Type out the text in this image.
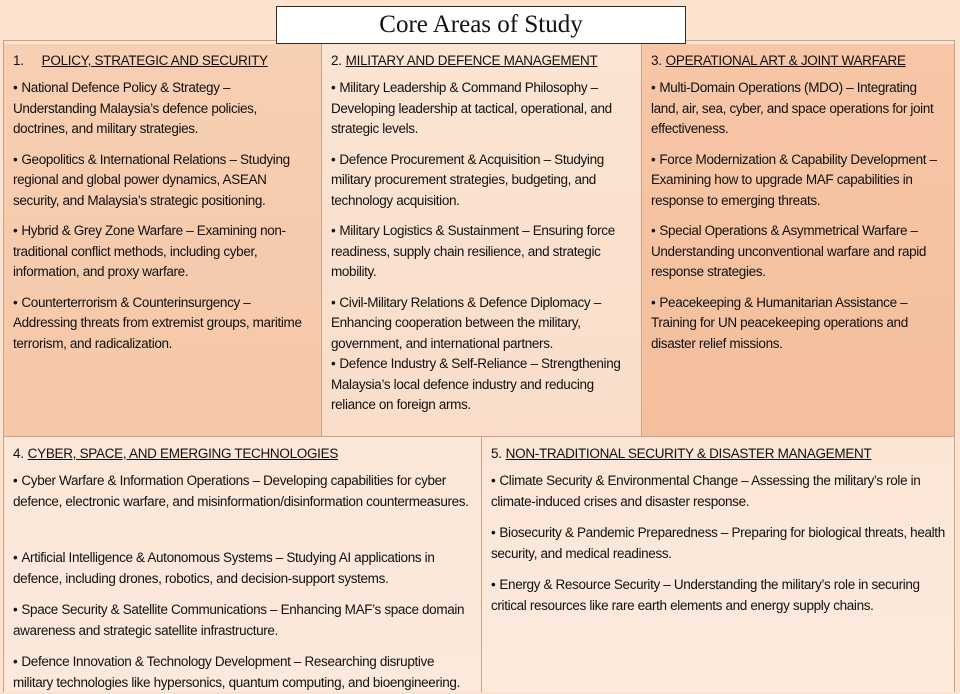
Core Areas of Study
1. POLICY, STRATEGIC AND SECURITY
• National Defence Policy & Strategy – Understanding Malaysia’s defence policies, doctrines, and military strategies.
• Geopolitics & International Relations – Studying regional and global power dynamics, ASEAN security, and Malaysia’s strategic positioning.
• Hybrid & Grey Zone Warfare – Examining non-traditional conflict methods, including cyber, information, and proxy warfare.
• Counterterrorism & Counterinsurgency – Addressing threats from extremist groups, maritime terrorism, and radicalization.
2. MILITARY AND DEFENCE MANAGEMENT
• Military Leadership & Command Philosophy – Developing leadership at tactical, operational, and strategic levels.
• Defence Procurement & Acquisition – Studying military procurement strategies, budgeting, and technology acquisition.
• Military Logistics & Sustainment – Ensuring force readiness, supply chain resilience, and strategic mobility.
• Civil-Military Relations & Defence Diplomacy – Enhancing cooperation between the military, government, and international partners.
• Defence Industry & Self-Reliance – Strengthening Malaysia’s local defence industry and reducing reliance on foreign arms.
3. OPERATIONAL ART & JOINT WARFARE
• Multi-Domain Operations (MDO) – Integrating land, air, sea, cyber, and space operations for joint effectiveness.
• Force Modernization & Capability Development – Examining how to upgrade MAF capabilities in response to emerging threats.
• Special Operations & Asymmetrical Warfare – Understanding unconventional warfare and rapid response strategies.
• Peacekeeping & Humanitarian Assistance – Training for UN peacekeeping operations and disaster relief missions.
4. CYBER, SPACE, AND EMERGING TECHNOLOGIES
• Cyber Warfare & Information Operations – Developing capabilities for cyber defence, electronic warfare, and misinformation/disinformation countermeasures.
• Artificial Intelligence & Autonomous Systems – Studying AI applications in defence, including drones, robotics, and decision-support systems.
• Space Security & Satellite Communications – Enhancing MAF’s space domain awareness and strategic satellite infrastructure.
• Defence Innovation & Technology Development – Researching disruptive military technologies like hypersonics, quantum computing, and bioengineering.
5. NON-TRADITIONAL SECURITY & DISASTER MANAGEMENT
• Climate Security & Environmental Change – Assessing the military’s role in climate-induced crises and disaster response.
• Biosecurity & Pandemic Preparedness – Preparing for biological threats, health security, and medical readiness.
• Energy & Resource Security – Understanding the military’s role in securing critical resources like rare earth elements and energy supply chains.
